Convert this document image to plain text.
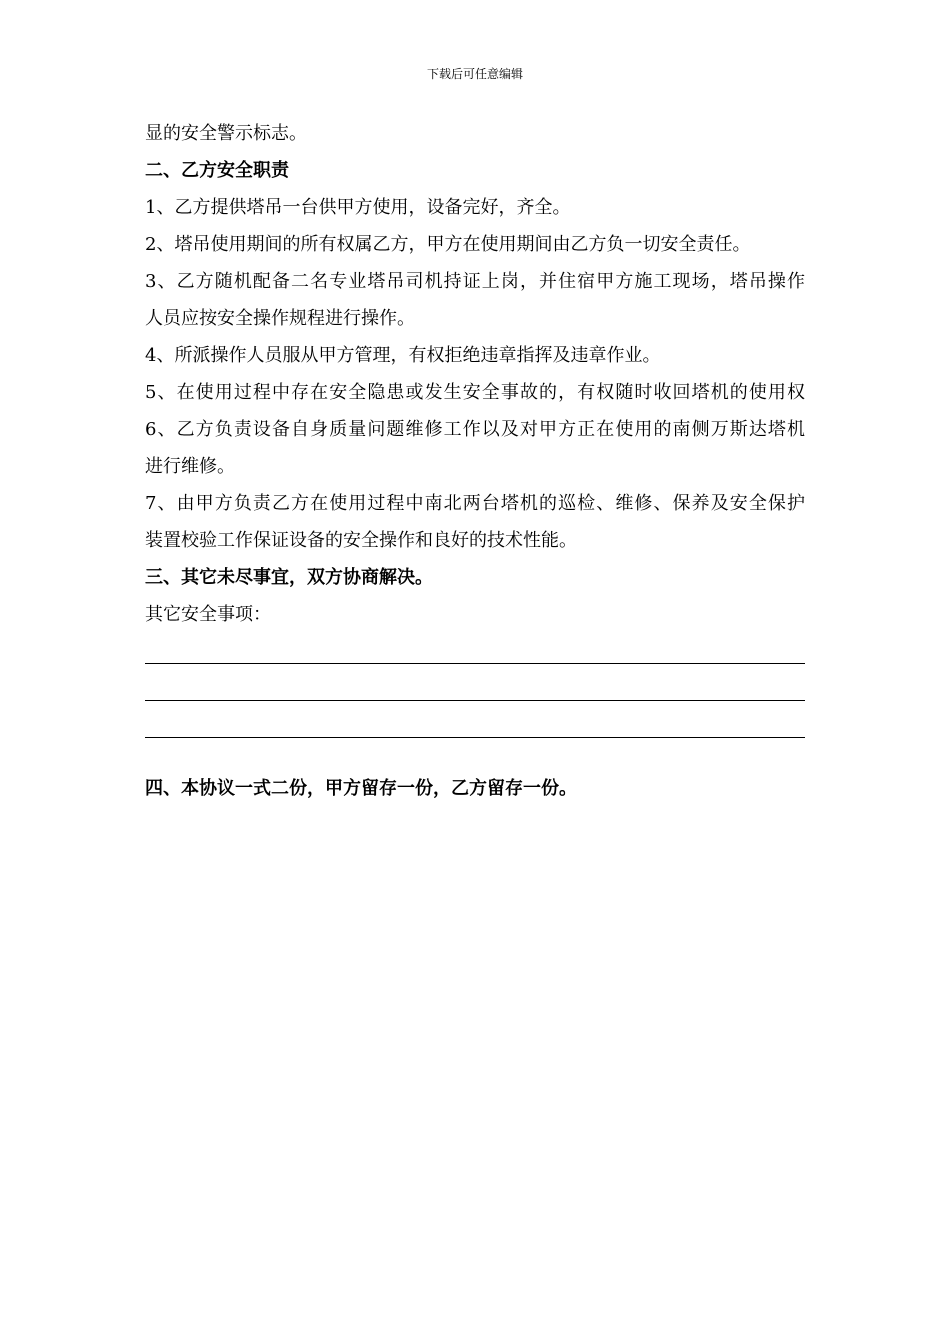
下载后可任意编辑
显的安全警示标志。
二、乙方安全职责
1、乙方提供塔吊一台供甲方使用，设备完好，齐全。
2、塔吊使用期间的所有权属乙方，甲方在使用期间由乙方负一切安全责任。
3、乙方随机配备二名专业塔吊司机持证上岗，并住宿甲方施工现场，塔吊操作
人员应按安全操作规程进行操作。
4、所派操作人员服从甲方管理，有权拒绝违章指挥及违章作业。
5、在使用过程中存在安全隐患或发生安全事故的，有权随时收回塔机的使用权
6、乙方负责设备自身质量问题维修工作以及对甲方正在使用的南侧万斯达塔机
进行维修。
7、由甲方负责乙方在使用过程中南北两台塔机的巡检、维修、保养及安全保护
装置校验工作保证设备的安全操作和良好的技术性能。
三、其它未尽事宜，双方协商解决。
其它安全事项：
四、本协议一式二份，甲方留存一份，乙方留存一份。
